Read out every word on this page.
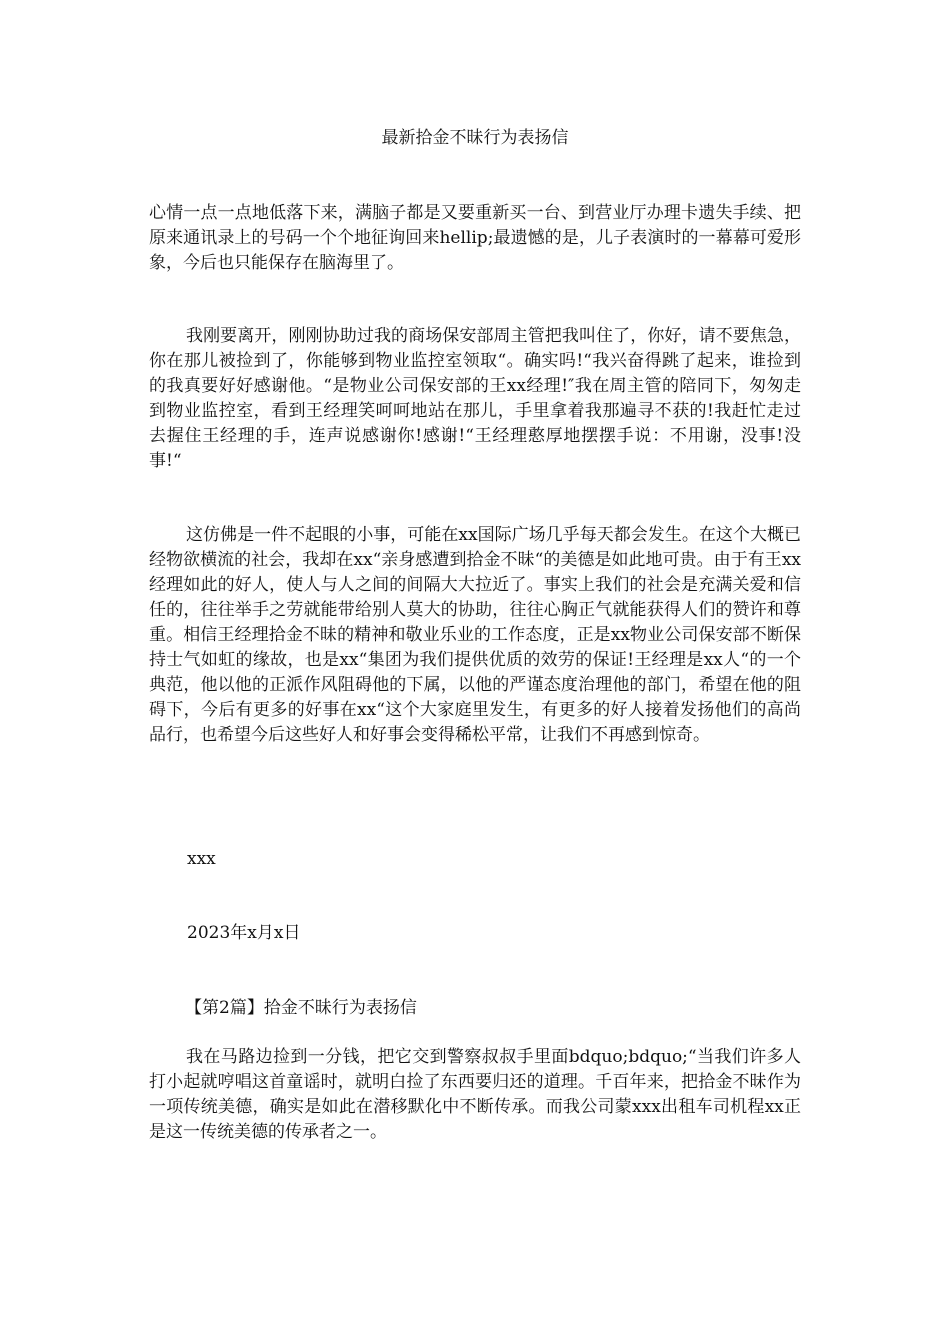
最新拾金不昧行为表扬信

心情一点一点地低落下来，满脑子都是又要重新买一台、到营业厅办理卡遗失手续、把原来通讯录上的号码一个个地征询回来hellip;最遗憾的是，儿子表演时的一幕幕可爱形象，今后也只能保存在脑海里了。

我刚要离开，刚刚协助过我的商场保安部周主管把我叫住了，你好，请不要焦急，你在那儿被捡到了，你能够到物业监控室领取“。确实吗!“我兴奋得跳了起来，谁捡到的我真要好好感谢他。“是物业公司保安部的王xx经理!″我在周主管的陪同下，匆匆走到物业监控室，看到王经理笑呵呵地站在那儿，手里拿着我那遍寻不获的!我赶忙走过去握住王经理的手，连声说感谢你!感谢!“王经理憨厚地摆摆手说：不用谢，没事!没事!“

这仿佛是一件不起眼的小事，可能在xx国际广场几乎每天都会发生。在这个大概已经物欲横流的社会，我却在xx“亲身感遭到拾金不昧“的美德是如此地可贵。由于有王xx经理如此的好人，使人与人之间的间隔大大拉近了。事实上我们的社会是充满关爱和信任的，往往举手之劳就能带给别人莫大的协助，往往心胸正气就能获得人们的赞许和尊重。相信王经理拾金不昧的精神和敬业乐业的工作态度，正是xx物业公司保安部不断保持士气如虹的缘故，也是xx“集团为我们提供优质的效劳的保证!王经理是xx人“的一个典范，他以他的正派作风阻碍他的下属，以他的严谨态度治理他的部门，希望在他的阻碍下，今后有更多的好事在xx“这个大家庭里发生，有更多的好人接着发扬他们的高尚品行，也希望今后这些好人和好事会变得稀松平常，让我们不再感到惊奇。

xxx
2023年x月x日
【第2篇】拾金不昧行为表扬信

我在马路边捡到一分钱，把它交到警察叔叔手里面bdquo;bdquo;“当我们许多人打小起就哼唱这首童谣时，就明白捡了东西要归还的道理。千百年来，把拾金不昧作为一项传统美德，确实是如此在潜移默化中不断传承。而我公司蒙xxx出租车司机程xx正是这一传统美德的传承者之一。
